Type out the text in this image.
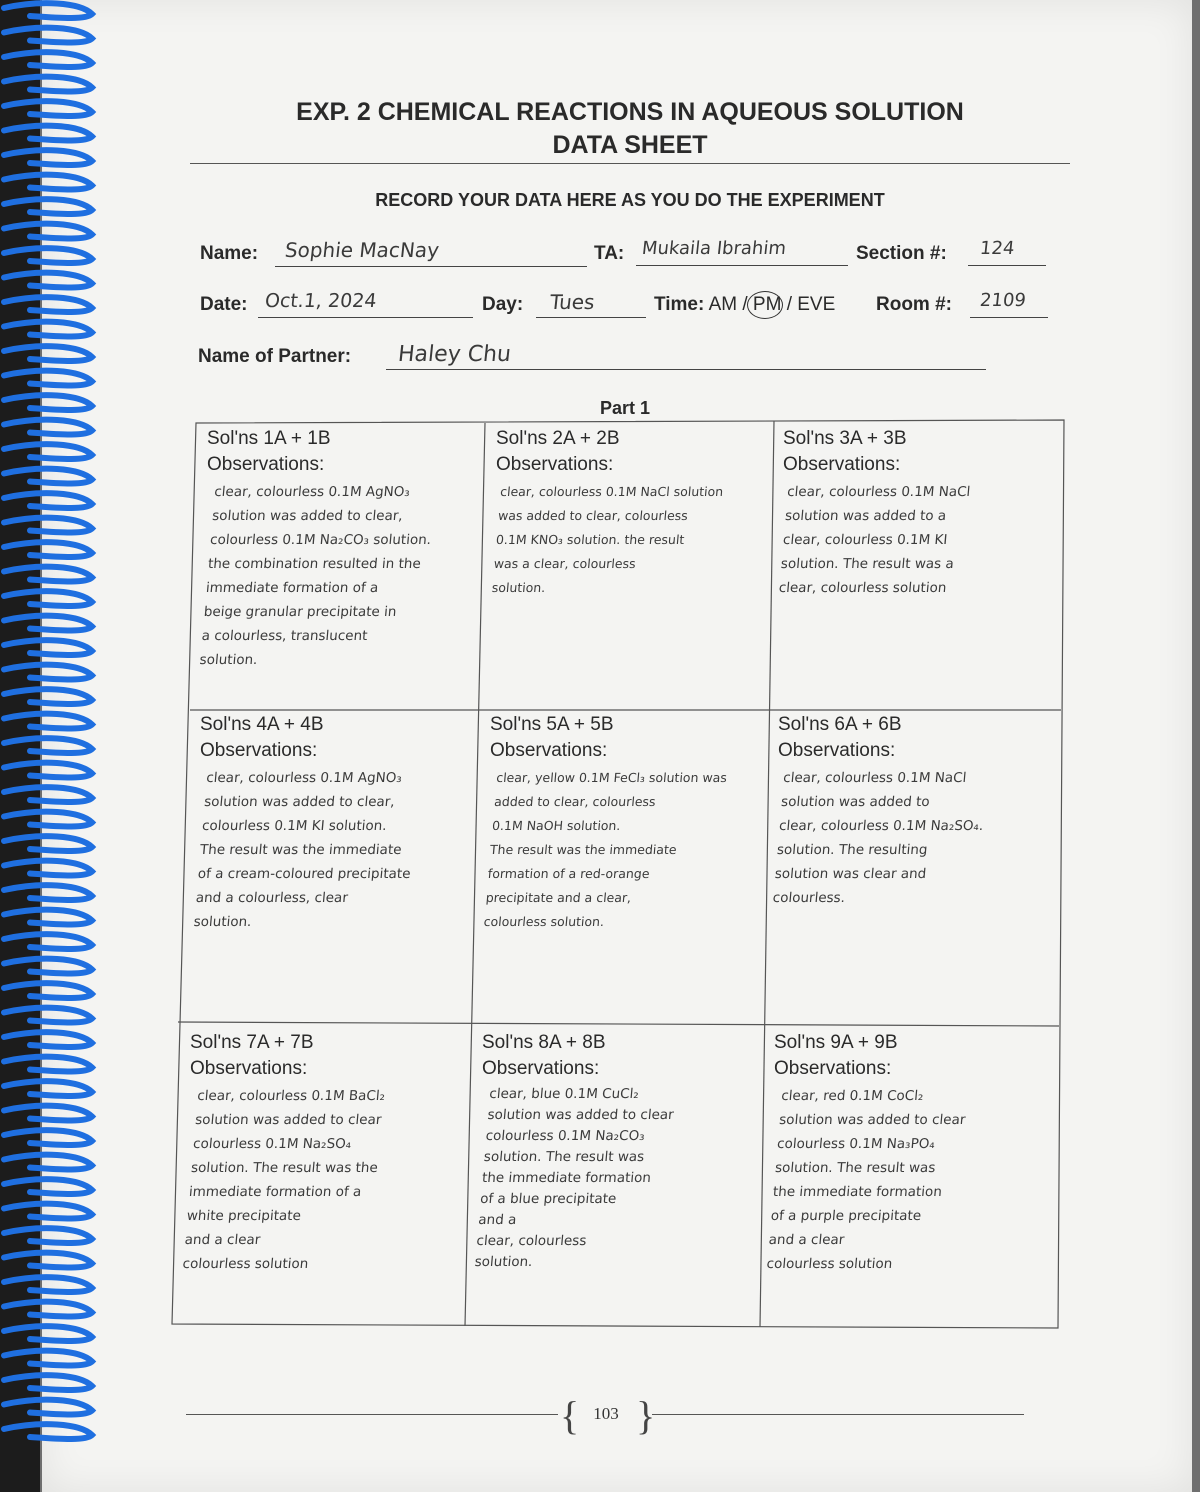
EXP. 2 CHEMICAL REACTIONS IN AQUEOUS SOLUTION
DATA SHEET
RECORD YOUR DATA HERE AS YOU DO THE EXPERIMENT
Name: Sophie MacNay	TA: Mukaila Ibrahim	Section #: 124
Date: Oct.1, 2024	Day: Tues	Time: AM / PM
/ EVE Room #: 2109
Name of Partner: Haley Chu
Part 1
Sol'ns 1A + 1B
Observations:
clear, colourless 0.1M AgNO₃
solution was added to clear,
colourless 0.1M Na₂CO₃ solution.
the combination resulted in the
immediate formation of a
beige granular precipitate in
a colourless, translucent
solution.
Sol'ns 2A + 2B
Observations:
clear, colourless 0.1M NaCl solution
was added to clear, colourless
0.1M KNO₃ solution. the result
was a clear, colourless
solution.
Sol'ns 3A + 3B
Observations:
clear, colourless 0.1M NaCl
solution was added to a
clear, colourless 0.1M KI
solution. The result was a
clear, colourless solution
Sol'ns 4A + 4B
Observations:
clear, colourless 0.1M AgNO₃
solution was added to clear,
colourless 0.1M KI solution.
The result was the immediate
of a cream-coloured precipitate
and a colourless, clear
solution.
Sol'ns 5A + 5B
Observations:
clear, yellow 0.1M FeCl₃ solution was
added to clear, colourless
0.1M NaOH solution.
The result was the immediate
formation of a red-orange
precipitate and a clear,
colourless solution.
Sol'ns 6A + 6B
Observations:
clear, colourless 0.1M NaCl
solution was added to
clear, colourless 0.1M Na₂SO₄.
solution. The resulting
solution was clear and
colourless.
Sol'ns 7A + 7B
Observations:
clear, colourless 0.1M BaCl₂
solution was added to clear
colourless 0.1M Na₂SO₄
solution. The result was the
immediate formation of a
white precipitate
and a clear
colourless solution
Sol'ns 8A + 8B
Observations:
clear, blue 0.1M CuCl₂
solution was added to clear
colourless 0.1M Na₂CO₃
solution. The result was
the immediate formation
of a blue precipitate
and a
clear, colourless
solution.
Sol'ns 9A + 9B
Observations:
clear, red 0.1M CoCl₂
solution was added to clear
colourless 0.1M Na₃PO₄
solution. The result was
the immediate formation
of a purple precipitate
and a clear
colourless solution
{ }
103
